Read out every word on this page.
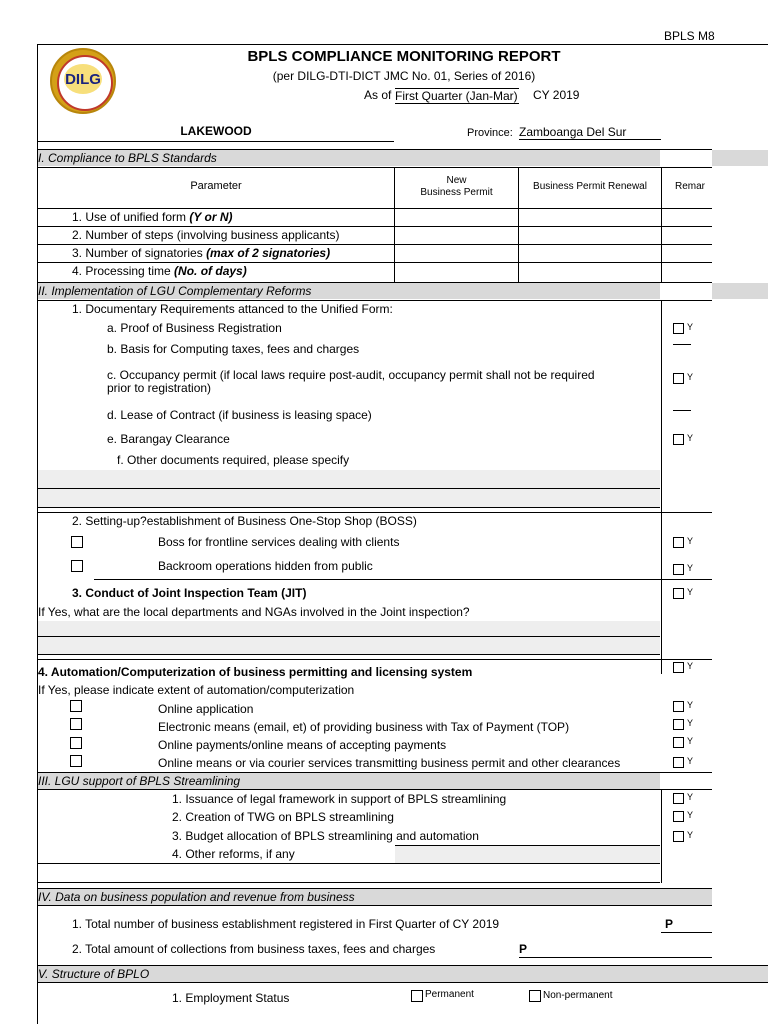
BPLS M8
DILG
BPLS COMPLIANCE MONITORING REPORT
(per DILG-DTI-DICT JMC No. 01, Series of 2016)
As of First Quarter (Jan-Mar) CY 2019
LAKEWOOD	Province: Zamboanga Del Sur
I. Compliance to BPLS Standards
Parameter	New
Business Permit
Business Permit Renewal	Remar
1. Use of unified form (Y or N)
2. Number of steps (involving business applicants)
3. Number of signatories (max of 2 signatories)
4. Processing time (No. of days)
II. Implementation of LGU Complementary Reforms
1. Documentary Requirements attanced to the Unified Form:
a. Proof of Business Registration	Y
b. Basis for Computing taxes, fees and charges
c. Occupancy permit (if local laws require post-audit, occupancy permit shall not be required
prior to registration)
Y
d. Lease of Contract (if business is leasing space)
e. Barangay Clearance	Y
f. Other documents required, please specify
2. Setting-up?establishment of Business One-Stop Shop (BOSS)
Boss for frontline services dealing with clients	Y
Backroom operations hidden from public	Y
3. Conduct of Joint Inspection Team (JIT)	Y
If Yes, what are the local departments and NGAs involved in the Joint inspection?
4. Automation/Computerization of business permitting and licensing system	Y
If Yes, please indicate extent of automation/computerization
Online application	Y
Electronic means (email, et) of providing business with Tax of Payment (TOP)	Y
Online payments/online means of accepting payments	Y
Online means or via courier services transmitting business permit and other clearances	Y
III. LGU support of BPLS Streamlining
1. Issuance of legal framework in support of BPLS streamlining	Y
2. Creation of TWG on BPLS streamlining	Y
3. Budget allocation of BPLS streamlining and automation	Y
4. Other reforms, if any
IV. Data on business population and revenue from business
1. Total number of business establishment registered in First Quarter of CY 2019	P
2. Total amount of collections from business taxes, fees and charges	P
V. Structure of BPLO
1. Employment Status	Permanent	Non-permanent
